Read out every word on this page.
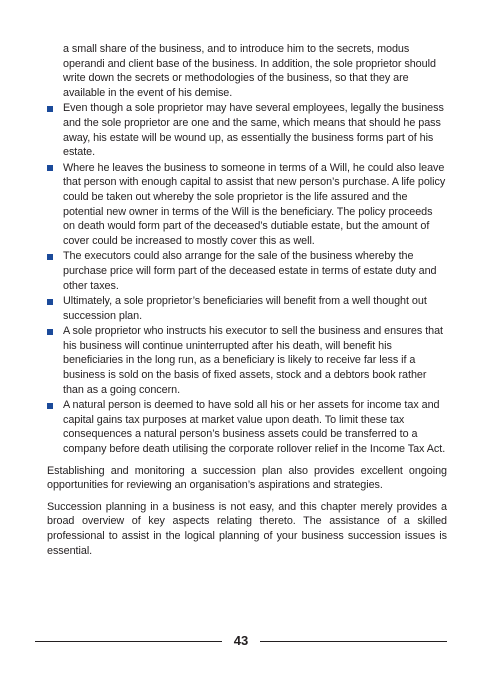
a small share of the business, and to introduce him to the secrets, modus operandi and client base of the business. In addition, the sole proprietor should write down the secrets or methodologies of the business, so that they are available in the event of his demise.

Even though a sole proprietor may have several employees, legally the business and the sole proprietor are one and the same, which means that should he pass away, his estate will be wound up, as essentially the business forms part of his estate.
Where he leaves the business to someone in terms of a Will, he could also leave that person with enough capital to assist that new person’s purchase. A life policy could be taken out whereby the sole proprietor is the life assured and the potential new owner in terms of the Will is the beneficiary. The policy proceeds on death would form part of the deceased’s dutiable estate, but the amount of cover could be increased to mostly cover this as well.
The executors could also arrange for the sale of the business whereby the purchase price will form part of the deceased estate in terms of estate duty and other taxes.
Ultimately, a sole proprietor’s beneficiaries will benefit from a well thought out succession plan.
A sole proprietor who instructs his executor to sell the business and ensures that his business will continue uninterrupted after his death, will benefit his beneficiaries in the long run, as a beneficiary is likely to receive far less if a business is sold on the basis of fixed assets, stock and a debtors book rather than as a going concern.
A natural person is deemed to have sold all his or her assets for income tax and capital gains tax purposes at market value upon death. To limit these tax consequences a natural person’s business assets could be transferred to a company before death utilising the corporate rollover relief in the Income Tax Act.

Establishing and monitoring a succession plan also provides excellent ongoing opportunities for reviewing an organisation’s aspirations and strategies.

Succession planning in a business is not easy, and this chapter merely provides a broad overview of key aspects relating thereto. The assistance of a skilled professional to assist in the logical planning of your business succession issues is essential.

43
